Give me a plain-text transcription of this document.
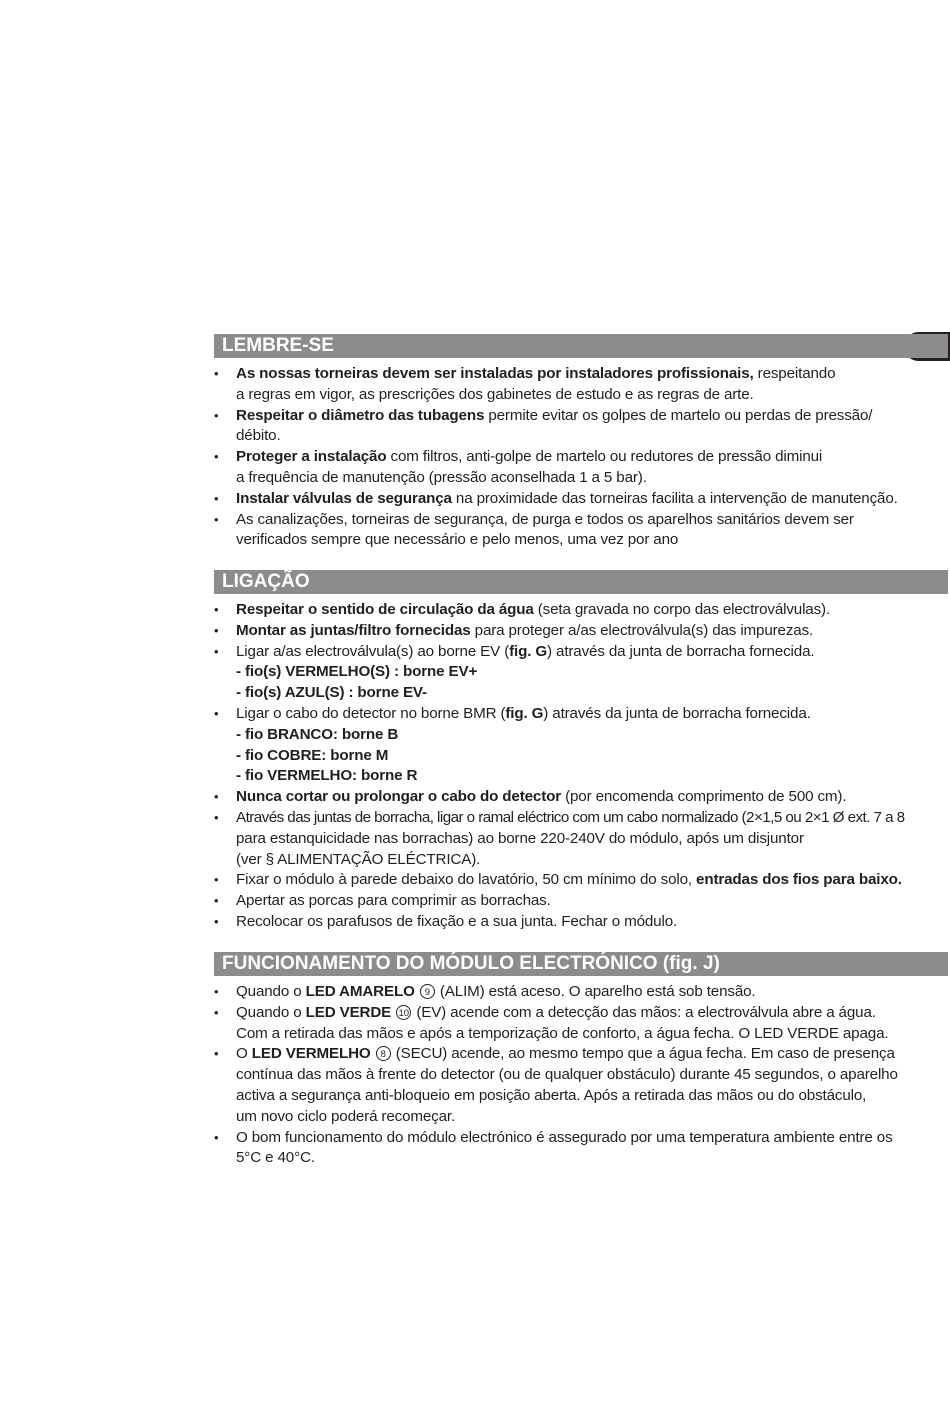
LEMBRE-SE
• As nossas torneiras devem ser instaladas por instaladores profissionais, respeitando
a regras em vigor, as prescrições dos gabinetes de estudo e as regras de arte.
• Respeitar o diâmetro das tubagens permite evitar os golpes de martelo ou perdas de pressão/
débito.
• Proteger a instalação com filtros, anti-golpe de martelo ou redutores de pressão diminui
a frequência de manutenção (pressão aconselhada 1 a 5 bar).
• Instalar válvulas de segurança na proximidade das torneiras facilita a intervenção de manutenção.
• As canalizações, torneiras de segurança, de purga e todos os aparelhos sanitários devem ser
verificados sempre que necessário e pelo menos, uma vez por ano
LIGAÇÃO
• Respeitar o sentido de circulação da água (seta gravada no corpo das electroválvulas).
• Montar as juntas/filtro fornecidas para proteger a/as electroválvula(s) das impurezas.
• Ligar a/as electroválvula(s) ao borne EV (fig. G) através da junta de borracha fornecida.
- fio(s) VERMELHO(S) : borne EV+
- fio(s) AZUL(S) : borne EV-
• Ligar o cabo do detector no borne BMR (fig. G) através da junta de borracha fornecida.
- fio BRANCO: borne B
- fio COBRE: borne M
- fio VERMELHO: borne R
• Nunca cortar ou prolongar o cabo do detector (por encomenda comprimento de 500 cm).
• Através das juntas de borracha, ligar o ramal eléctrico com um cabo normalizado (2×1,5 ou 2×1 Ø ext. 7 a 8
para estanquicidade nas borrachas) ao borne 220-240V do módulo, após um disjuntor
(ver § ALIMENTAÇÃO ELÉCTRICA).
• Fixar o módulo à parede debaixo do lavatório, 50 cm mínimo do solo, entradas dos fios para baixo.
• Apertar as porcas para comprimir as borrachas.
• Recolocar os parafusos de fixação e a sua junta. Fechar o módulo.
FUNCIONAMENTO DO MÓDULO ELECTRÓNICO (fig. J)
• Quando o LED AMARELO 9 (ALIM) está aceso. O aparelho está sob tensão.
• Quando o LED VERDE 10 (EV) acende com a detecção das mãos: a electroválvula abre a água.
Com a retirada das mãos e após a temporização de conforto, a água fecha. O LED VERDE apaga.
• O LED VERMELHO 8 (SECU) acende, ao mesmo tempo que a água fecha. Em caso de presença
contínua das mãos à frente do detector (ou de qualquer obstáculo) durante 45 segundos, o aparelho
activa a segurança anti-bloqueio em posição aberta. Após a retirada das mãos ou do obstáculo,
um novo ciclo poderá recomeçar.
• O bom funcionamento do módulo electrónico é assegurado por uma temperatura ambiente entre os
5°C e 40°C.
